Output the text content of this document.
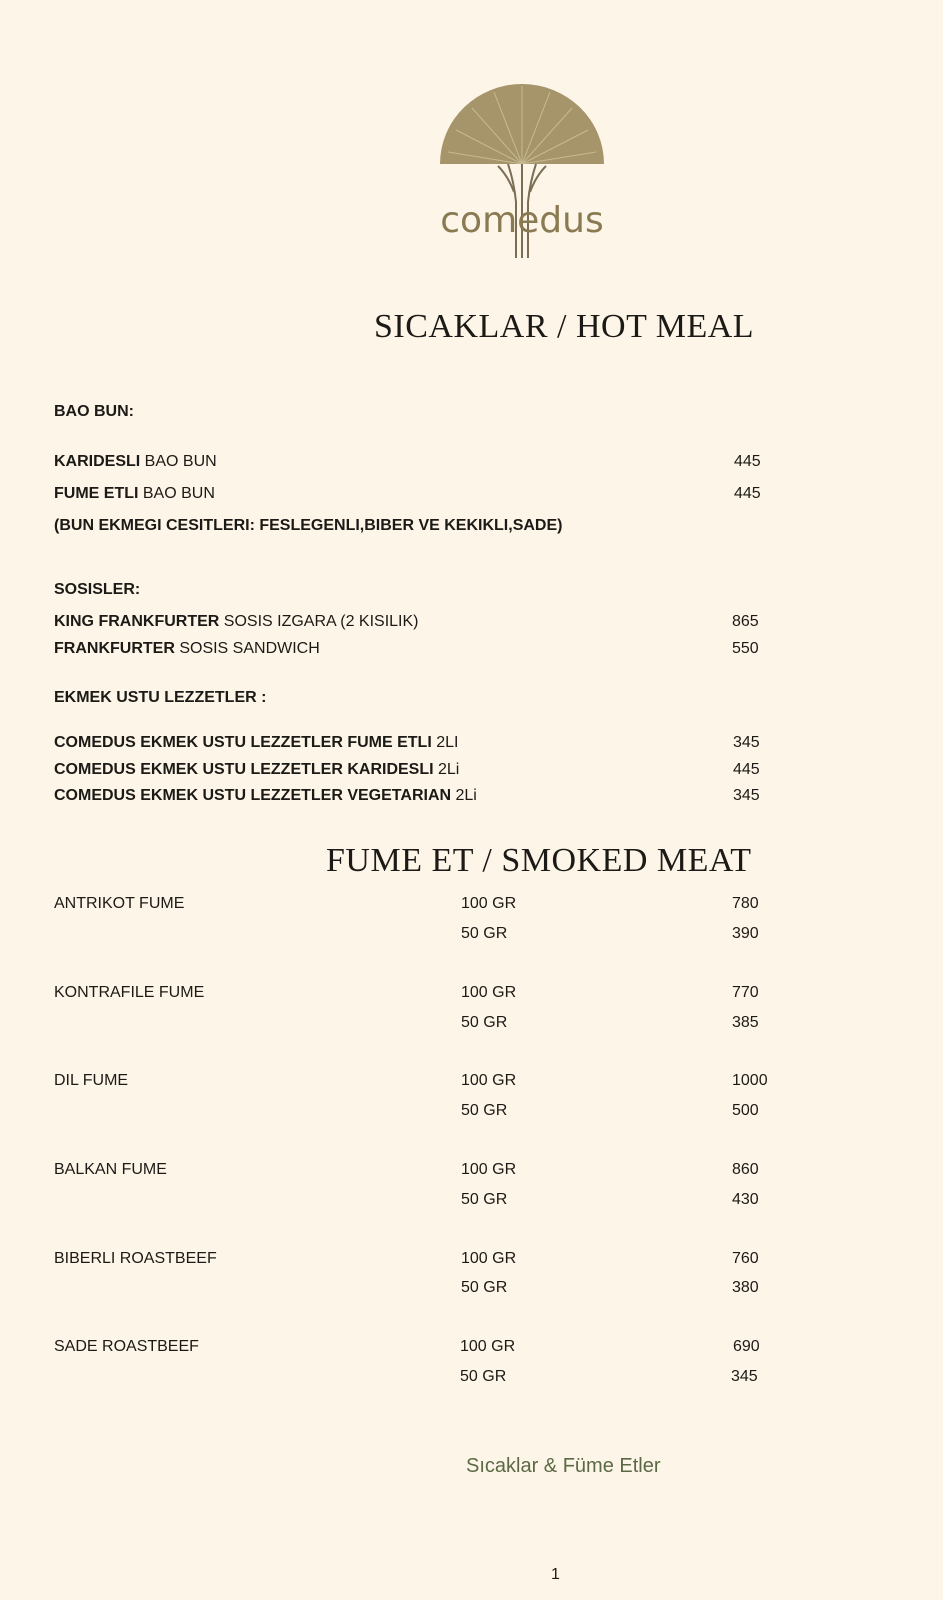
comedus
SICAKLAR / HOT MEAL
BAO BUN:
KARIDESLI BAO BUN	445
FUME ETLI BAO BUN	445
(BUN EKMEGI CESITLERI: FESLEGENLI,BIBER VE KEKIKLI,SADE)
SOSISLER:
KING FRANKFURTER SOSIS IZGARA (2 KISILIK)	865
FRANKFURTER SOSIS SANDWICH	550
EKMEK USTU LEZZETLER :
COMEDUS EKMEK USTU LEZZETLER FUME ETLI 2LI	345
COMEDUS EKMEK USTU LEZZETLER KARIDESLI 2Li	445
COMEDUS EKMEK USTU LEZZETLER VEGETARIAN 2Li	345
FUME ET / SMOKED MEAT
ANTRIKOT FUME	100 GR	780
50 GR	390
KONTRAFILE FUME	100 GR	770
50 GR	385
DIL FUME	100 GR	1000
50 GR	500
BALKAN FUME	100 GR	860
50 GR	430
BIBERLI ROASTBEEF	100 GR	760
50 GR	380
SADE ROASTBEEF	100 GR	690
50 GR	345
Sıcaklar & Füme Etler
1
